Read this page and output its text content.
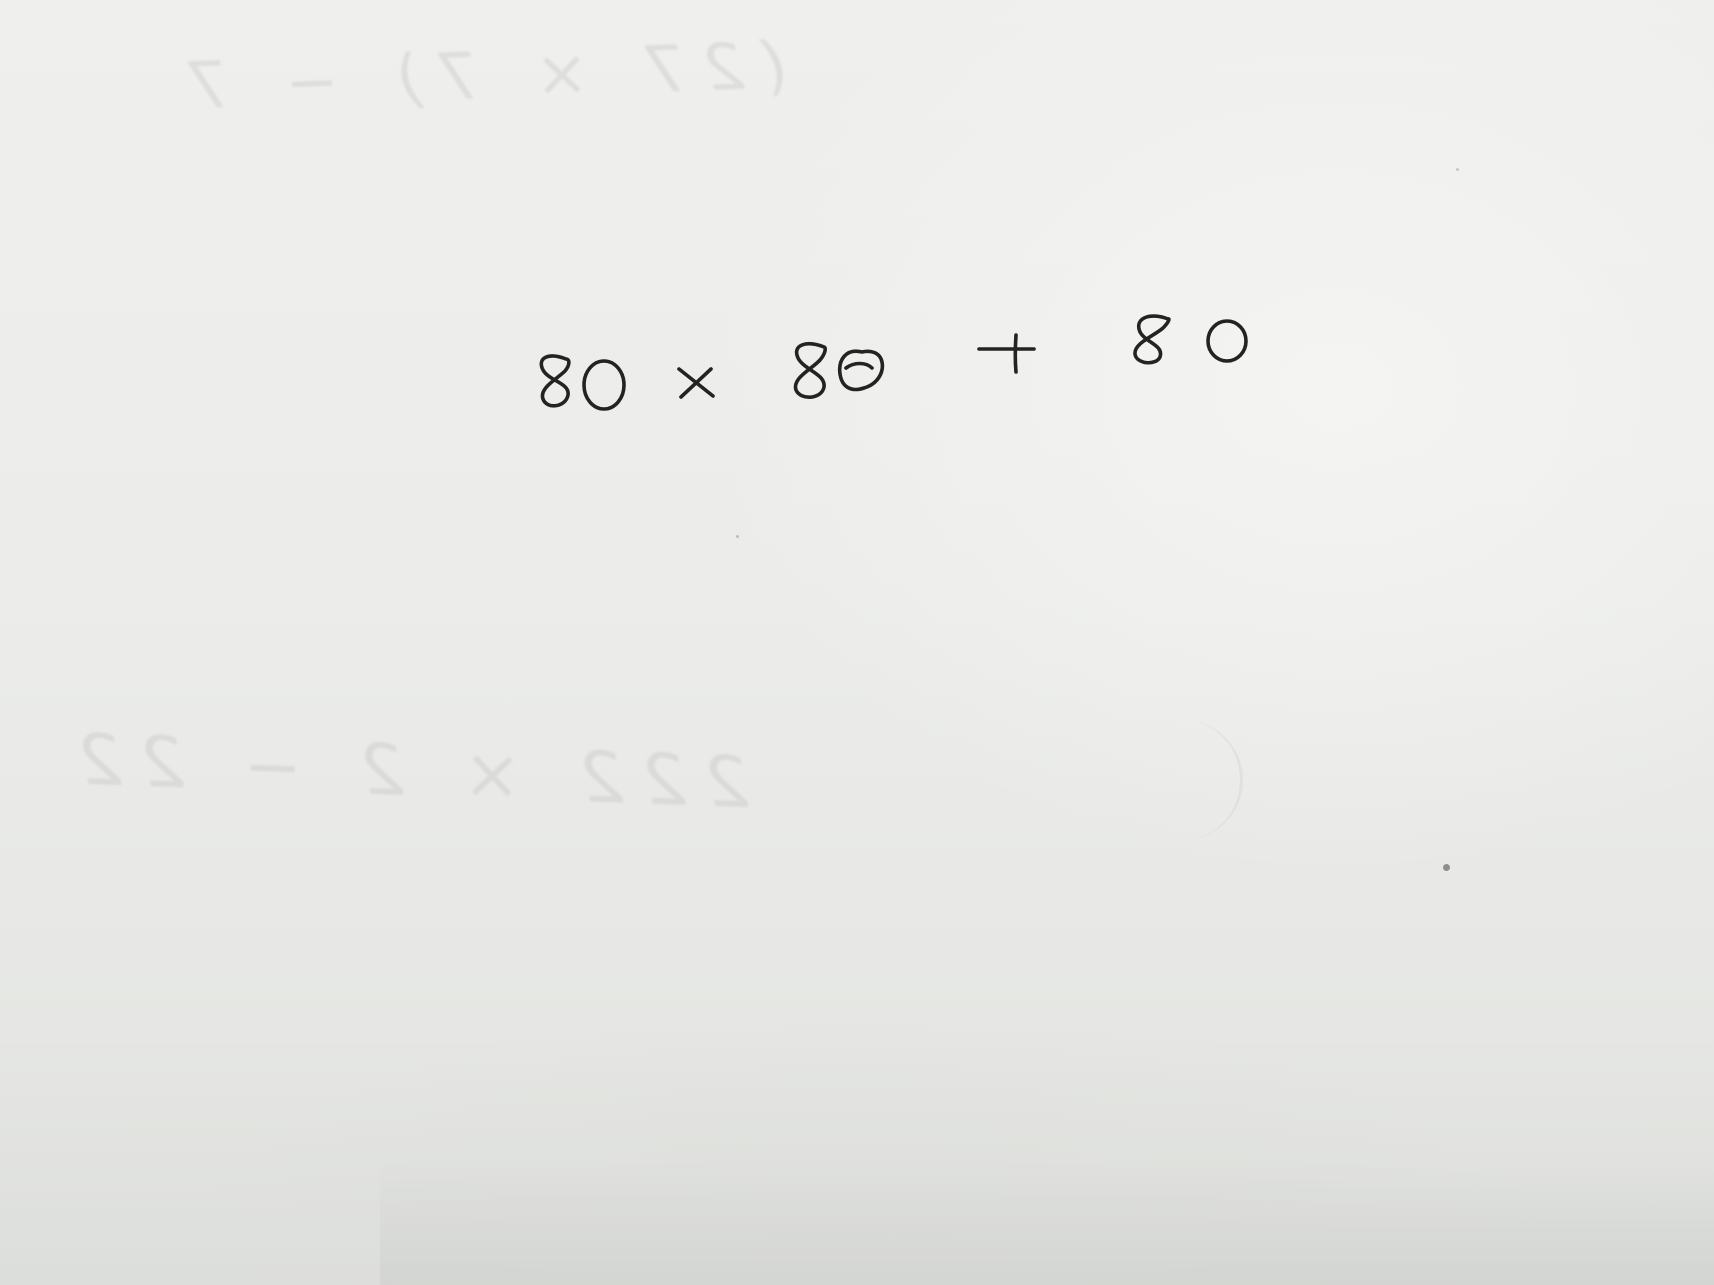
(27 × 7) − 7
222 × 2 − 22
